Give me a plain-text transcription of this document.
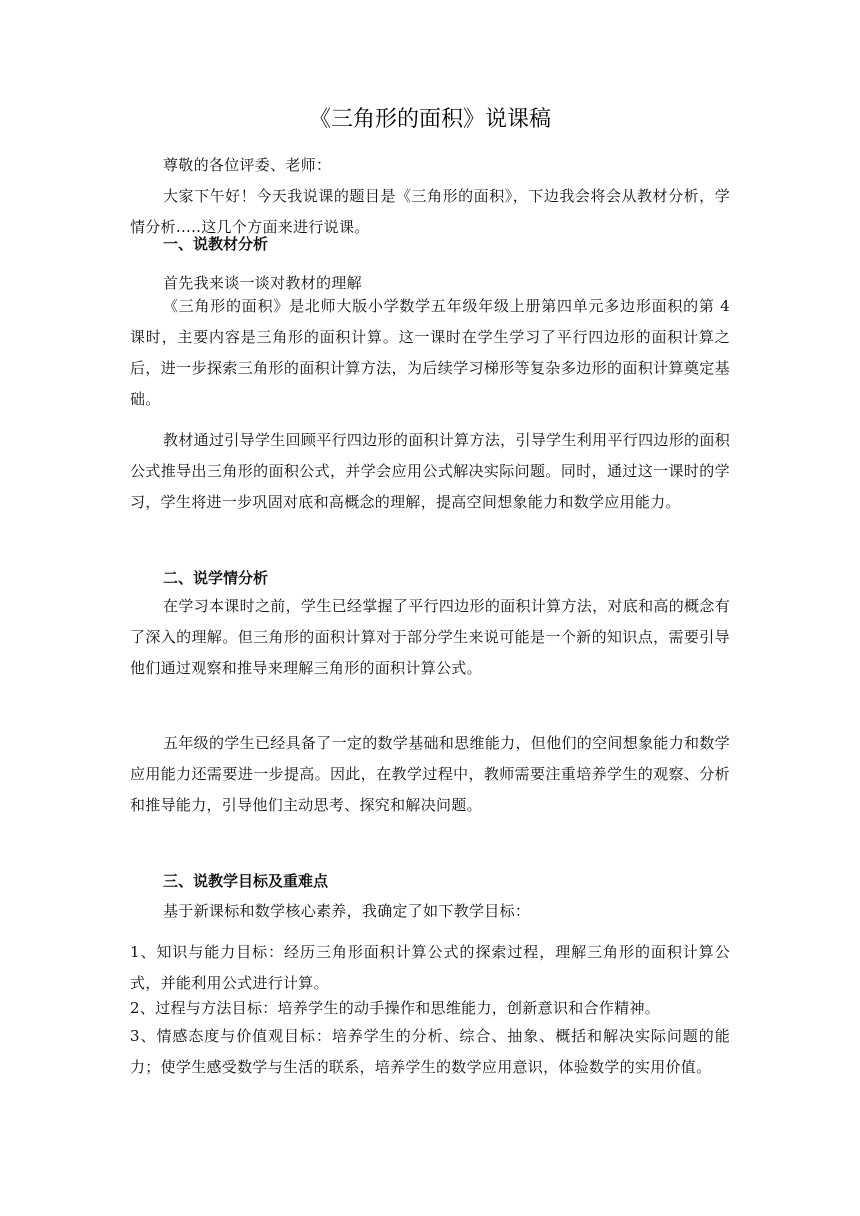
《三角形的面积》说课稿
尊敬的各位评委、老师：
大家下午好！今天我说课的题目是《三角形的面积》，下边我会将会从教材分析，学情分析.....这几个方面来进行说课。
一、说教材分析
首先我来谈一谈对教材的理解
《三角形的面积》是北师大版小学数学五年级年级上册第四单元多边形面积的第 4 课时，主要内容是三角形的面积计算。这一课时在学生学习了平行四边形的面积计算之后，进一步探索三角形的面积计算方法，为后续学习梯形等复杂多边形的面积计算奠定基础。
教材通过引导学生回顾平行四边形的面积计算方法，引导学生利用平行四边形的面积公式推导出三角形的面积公式，并学会应用公式解决实际问题。同时，通过这一课时的学习，学生将进一步巩固对底和高概念的理解，提高空间想象能力和数学应用能力。
二、说学情分析
在学习本课时之前，学生已经掌握了平行四边形的面积计算方法，对底和高的概念有了深入的理解。但三角形的面积计算对于部分学生来说可能是一个新的知识点，需要引导他们通过观察和推导来理解三角形的面积计算公式。
五年级的学生已经具备了一定的数学基础和思维能力，但他们的空间想象能力和数学应用能力还需要进一步提高。因此，在教学过程中，教师需要注重培养学生的观察、分析和推导能力，引导他们主动思考、探究和解决问题。
三、说教学目标及重难点
基于新课标和数学核心素养，我确定了如下教学目标：
1、知识与能力目标：经历三角形面积计算公式的探索过程，理解三角形的面积计算公式，并能利用公式进行计算。
2、过程与方法目标：培养学生的动手操作和思维能力，创新意识和合作精神。
3、情感态度与价值观目标：培养学生的分析、综合、抽象、概括和解决实际问题的能力；使学生感受数学与生活的联系，培养学生的数学应用意识，体验数学的实用价值。
